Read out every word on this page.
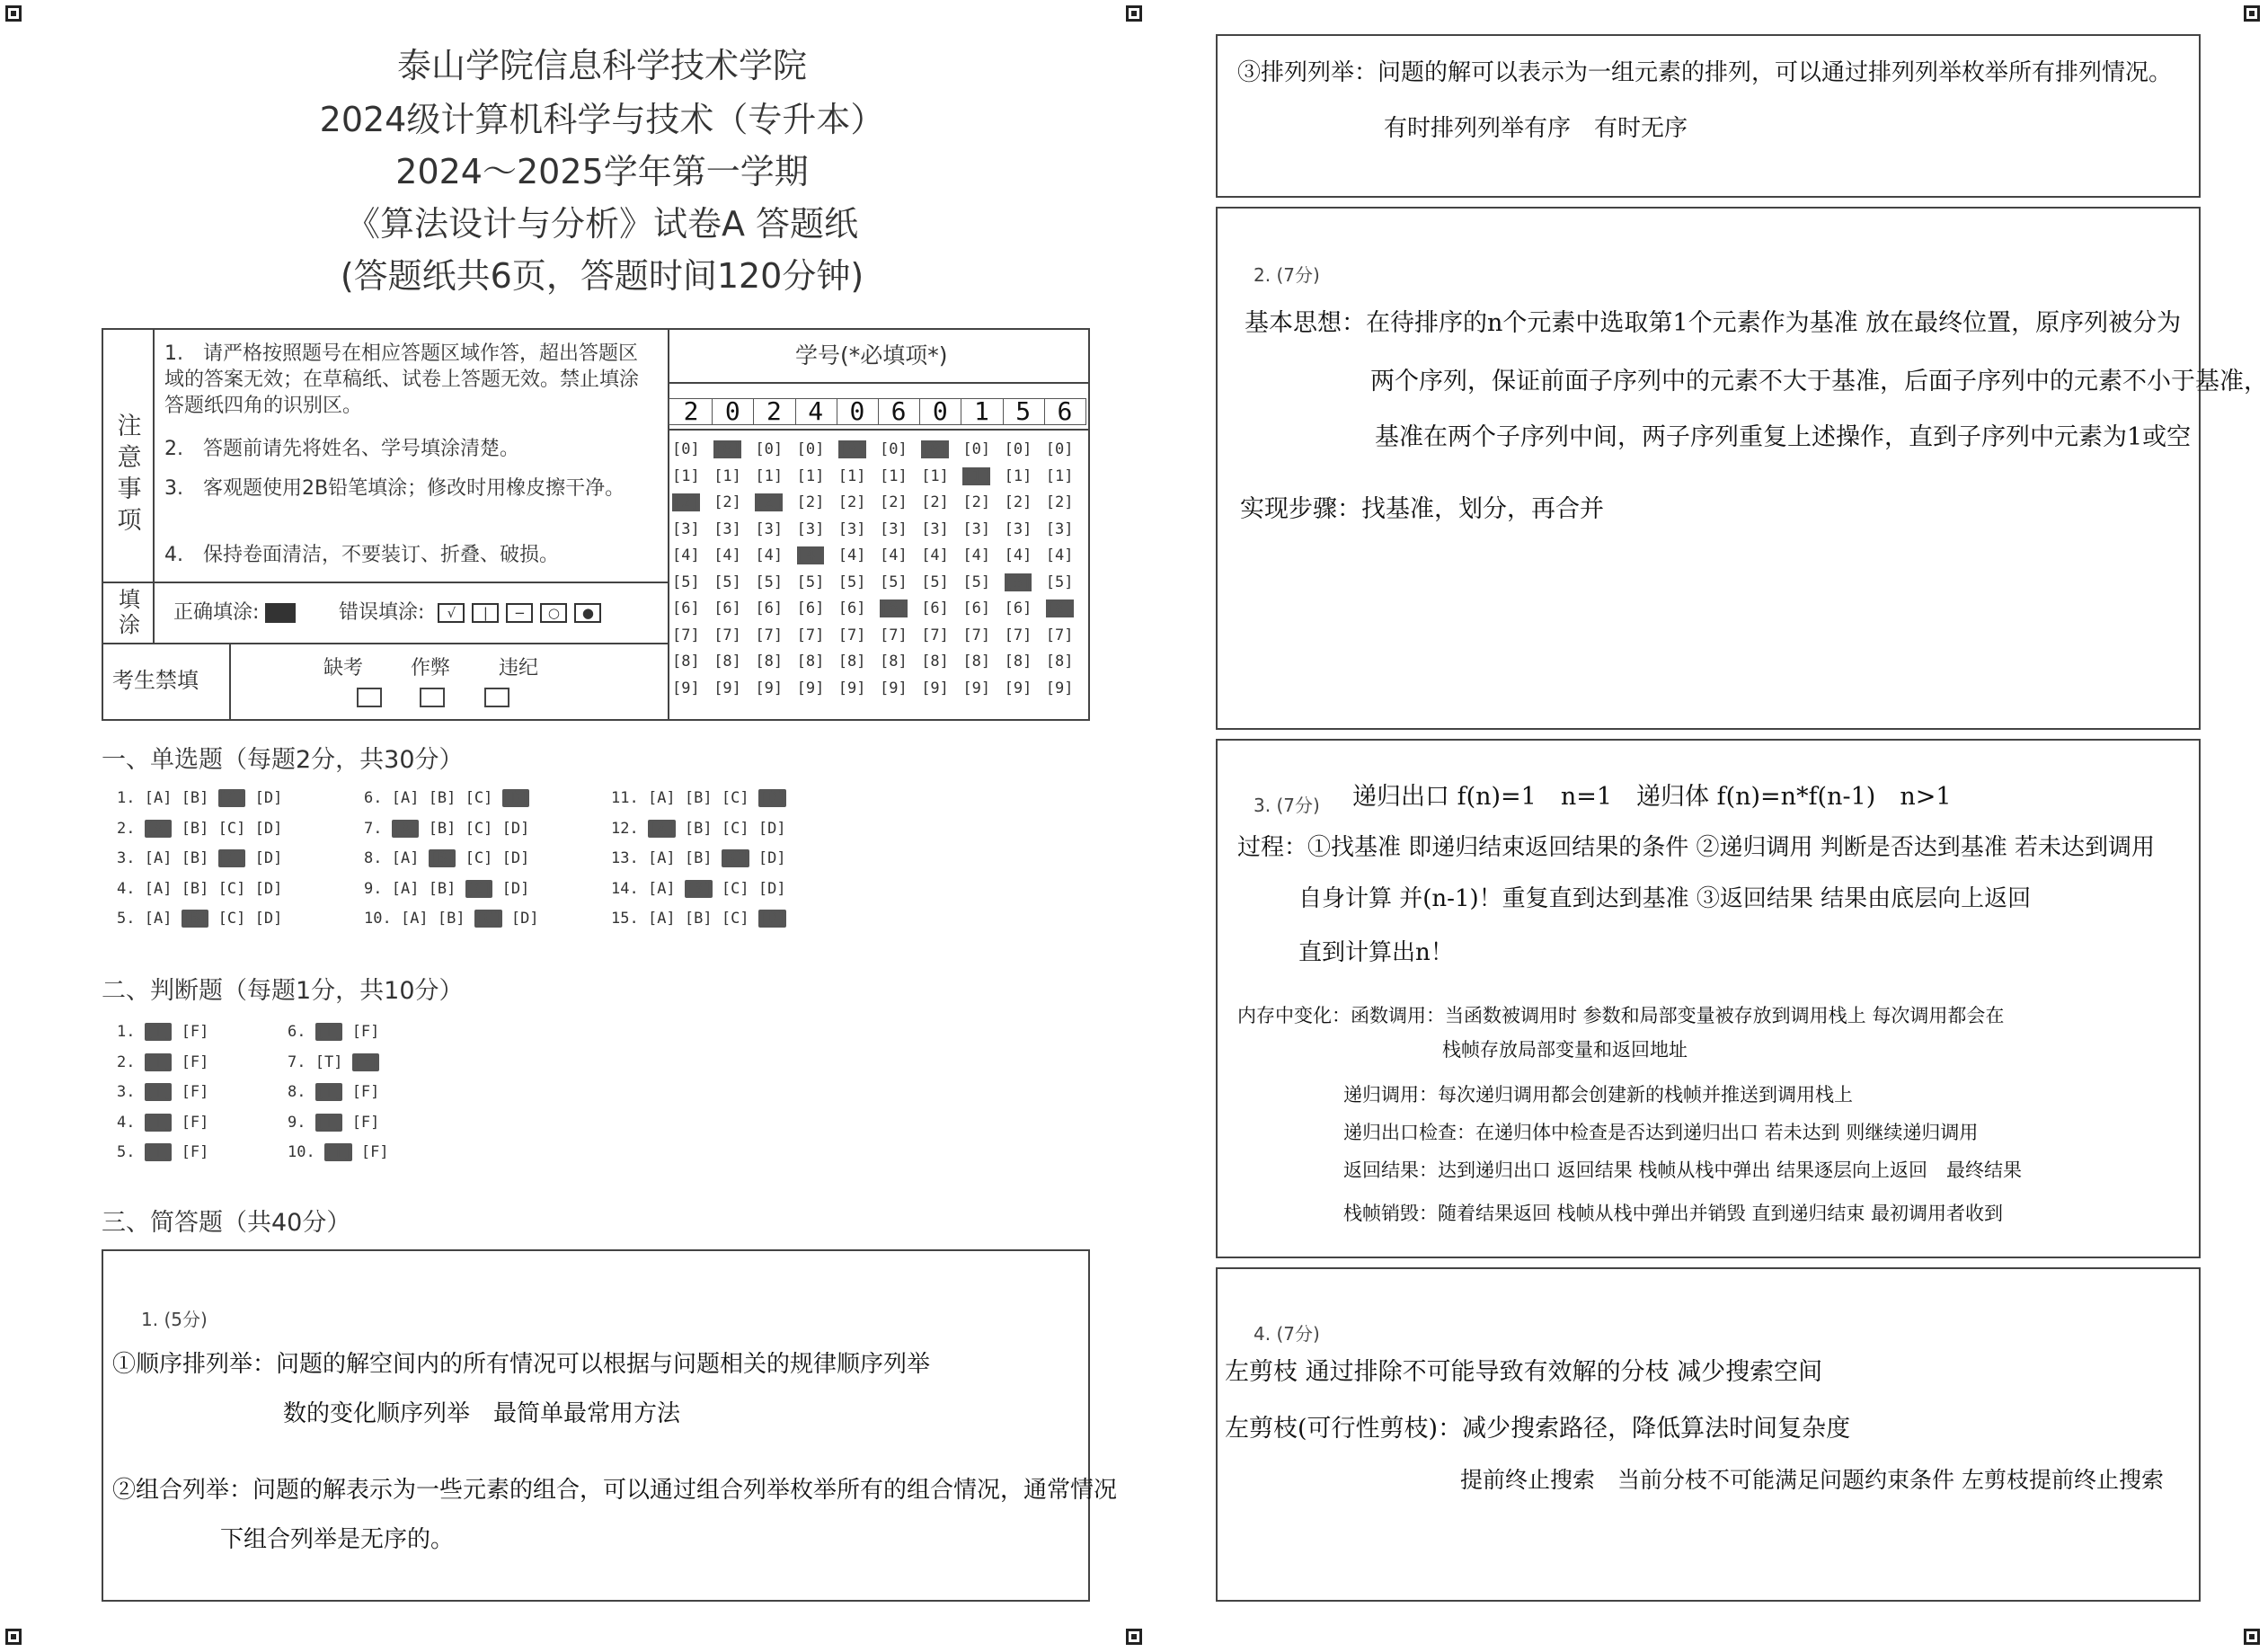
泰山学院信息科学技术学院
2024级计算机科学与技术（专升本）
2024～2025学年第一学期
《算法设计与分析》试卷A 答题纸
(答题纸共6页，答题时间120分钟)
注意事项
1.　请严格按照题号在相应答题区域作答，超出答题区域的答案无效；在草稿纸、试卷上答题无效。禁止填涂答题纸四角的识别区。
2.　答题前请先将姓名、学号填涂清楚。
3.　客观题使用2B铅笔填涂；修改时用橡皮擦干净。
4.　保持卷面清洁，不要装订、折叠、破损。
填涂 正确填涂:	错误填涂: √ | − ○ ●
考生禁填	缺考 作弊 违纪
学号(*必填项*)
2	0	2	4	0	6	0	1	5	6
[0] [0] [0] [0] [0] [0] [0] [0] [0] [0]
[1] [1] [1] [1] [1] [1] [1] [1] [1] [1]
[2] [2] [2] [2] [2] [2] [2] [2] [2] [2]
[3] [3] [3] [3] [3] [3] [3] [3] [3] [3]
[4] [4] [4] [4] [4] [4] [4] [4] [4] [4]
[5] [5] [5] [5] [5] [5] [5] [5] [5] [5]
[6] [6] [6] [6] [6] [6] [6] [6] [6] [6]
[7] [7] [7] [7] [7] [7] [7] [7] [7] [7]
[8] [8] [8] [8] [8] [8] [8] [8] [8] [8]
[9] [9] [9] [9] [9] [9] [9] [9] [9] [9]
一、单选题（每题2分，共30分）
1. [A] [B] [C] [D]
2. [A] [B] [C] [D]
3. [A] [B] [C] [D]
4. [A] [B] [C] [D]
5. [A] [B] [C] [D]
6. [A] [B] [C] [D]
7. [A] [B] [C] [D]
8. [A] [B] [C] [D]
9. [A] [B] [C] [D]
10. [A] [B] [C] [D]
11. [A] [B] [C] [D]
12. [A] [B] [C] [D]
13. [A] [B] [C] [D]
14. [A] [B] [C] [D]
15. [A] [B] [C] [D]
二、判断题（每题1分，共10分）
1. [T] [F]
2. [T] [F]
3. [T] [F]
4. [T] [F]
5. [T] [F]
6. [T] [F]
7. [T] [F]
8. [T] [F]
9. [T] [F]
10. [T] [F]
三、简答题（共40分）
1. (5分)
①顺序排列举：问题的解空间内的所有情况可以根据与问题相关的规律顺序列举
数的变化顺序列举　最简单最常用方法
②组合列举：问题的解表示为一些元素的组合，可以通过组合列举枚举所有的组合情况，通常情况
下组合列举是无序的。
③排列列举：问题的解可以表示为一组元素的排列，可以通过排列列举枚举所有排列情况。
有时排列列举有序　有时无序
2. (7分)
基本思想：在待排序的n个元素中选取第1个元素作为基准 放在最终位置，原序列被分为
两个序列，保证前面子序列中的元素不大于基准，后面子序列中的元素不小于基准，
基准在两个子序列中间，两子序列重复上述操作，直到子序列中元素为1或空
实现步骤：找基准，划分，再合并
3. (7分) 递归出口 f(n)=1　n=1　递归体 f(n)=n*f(n-1)　n>1
过程：①找基准 即递归结束返回结果的条件 ②递归调用 判断是否达到基准 若未达到调用
自身计算 并(n-1)！重复直到达到基准 ③返回结果 结果由底层向上返回
直到计算出n！
内存中变化：函数调用：当函数被调用时 参数和局部变量被存放到调用栈上 每次调用都会在
栈帧存放局部变量和返回地址
递归调用：每次递归调用都会创建新的栈帧并推送到调用栈上
递归出口检查：在递归体中检查是否达到递归出口 若未达到 则继续递归调用
返回结果：达到递归出口 返回结果 栈帧从栈中弹出 结果逐层向上返回　最终结果
栈帧销毁：随着结果返回 栈帧从栈中弹出并销毁 直到递归结束 最初调用者收到
4. (7分)
左剪枝 通过排除不可能导致有效解的分枝 减少搜索空间
左剪枝(可行性剪枝)：减少搜索路径，降低算法时间复杂度
提前终止搜索　当前分枝不可能满足问题约束条件 左剪枝提前终止搜索
